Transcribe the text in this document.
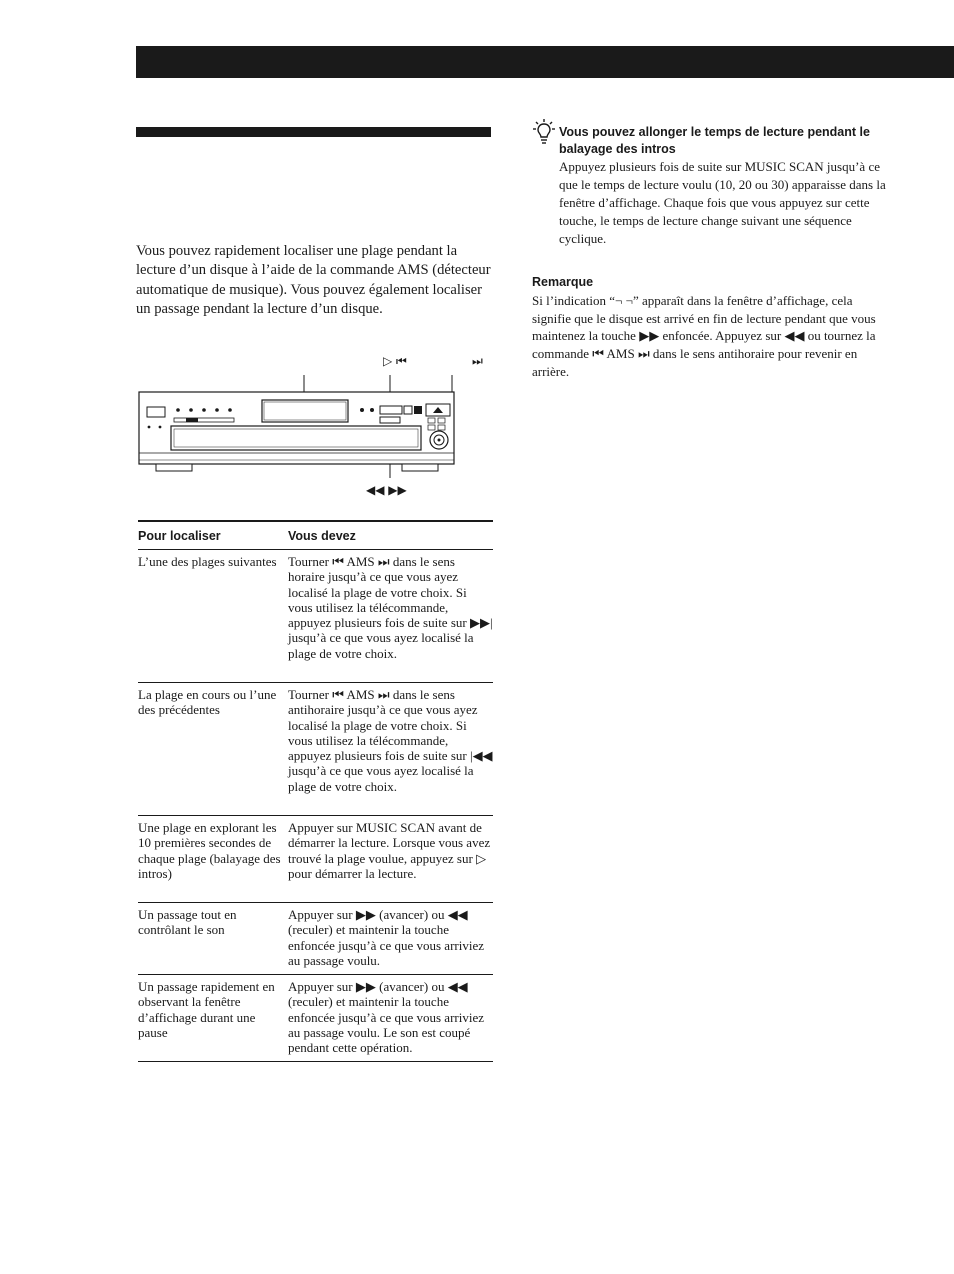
Vous pouvez rapidement localiser une plage pendant la lecture d’un disque à l’aide de la commande AMS (détecteur automatique de musique). Vous pouvez également localiser un passage pendant la lecture d’un disque.

▷ ⏮	⏭
◀◀ ▶▶
Pour localiser	Vous devez
L’une des plages suivantes Tourner ⏮ AMS ⏭ dans le sens horaire jusqu’à ce que vous ayez localisé la plage de votre choix. Si vous utilisez la télécommande, appuyez plusieurs fois de suite sur ▶▶| jusqu’à ce que vous ayez localisé la plage de votre choix.
La plage en cours ou l’une des précédentes
Tourner ⏮ AMS ⏭ dans le sens antihoraire jusqu’à ce que vous ayez localisé la plage de votre choix. Si vous utilisez la télécommande, appuyez plusieurs fois de suite sur |◀◀ jusqu’à ce que vous ayez localisé la plage de votre choix.
Une plage en explorant les 10 premières secondes de chaque plage (balayage des intros)
Appuyer sur MUSIC SCAN avant de démarrer la lecture. Lorsque vous avez trouvé la plage voulue, appuyez sur ▷ pour démarrer la lecture.
Un passage tout en contrôlant le son
Appuyer sur ▶▶ (avancer) ou ◀◀ (reculer) et maintenir la touche enfoncée jusqu’à ce que vous arriviez au passage voulu.
Un passage rapidement en observant la fenêtre d’affichage durant une pause
Appuyer sur ▶▶ (avancer) ou ◀◀ (reculer) et maintenir la touche enfoncée jusqu’à ce que vous arriviez au passage voulu. Le son est coupé pendant cette opération.
Vous pouvez allonger le temps de lecture pendant le balayage des intros
Appuyez plusieurs fois de suite sur MUSIC SCAN jusqu’à ce que le temps de lecture voulu (10, 20 ou 30) apparaisse dans la fenêtre d’affichage. Chaque fois que vous appuyez sur cette touche, le temps de lecture change suivant une séquence cyclique.
Remarque
Si l’indication “¬ ¬” apparaît dans la fenêtre d’affichage, cela signifie que le disque est arrivé en fin de lecture pendant que vous maintenez la touche ▶▶ enfoncée. Appuyez sur ◀◀ ou tournez la commande ⏮ AMS ⏭ dans le sens antihoraire pour revenir en arrière.
